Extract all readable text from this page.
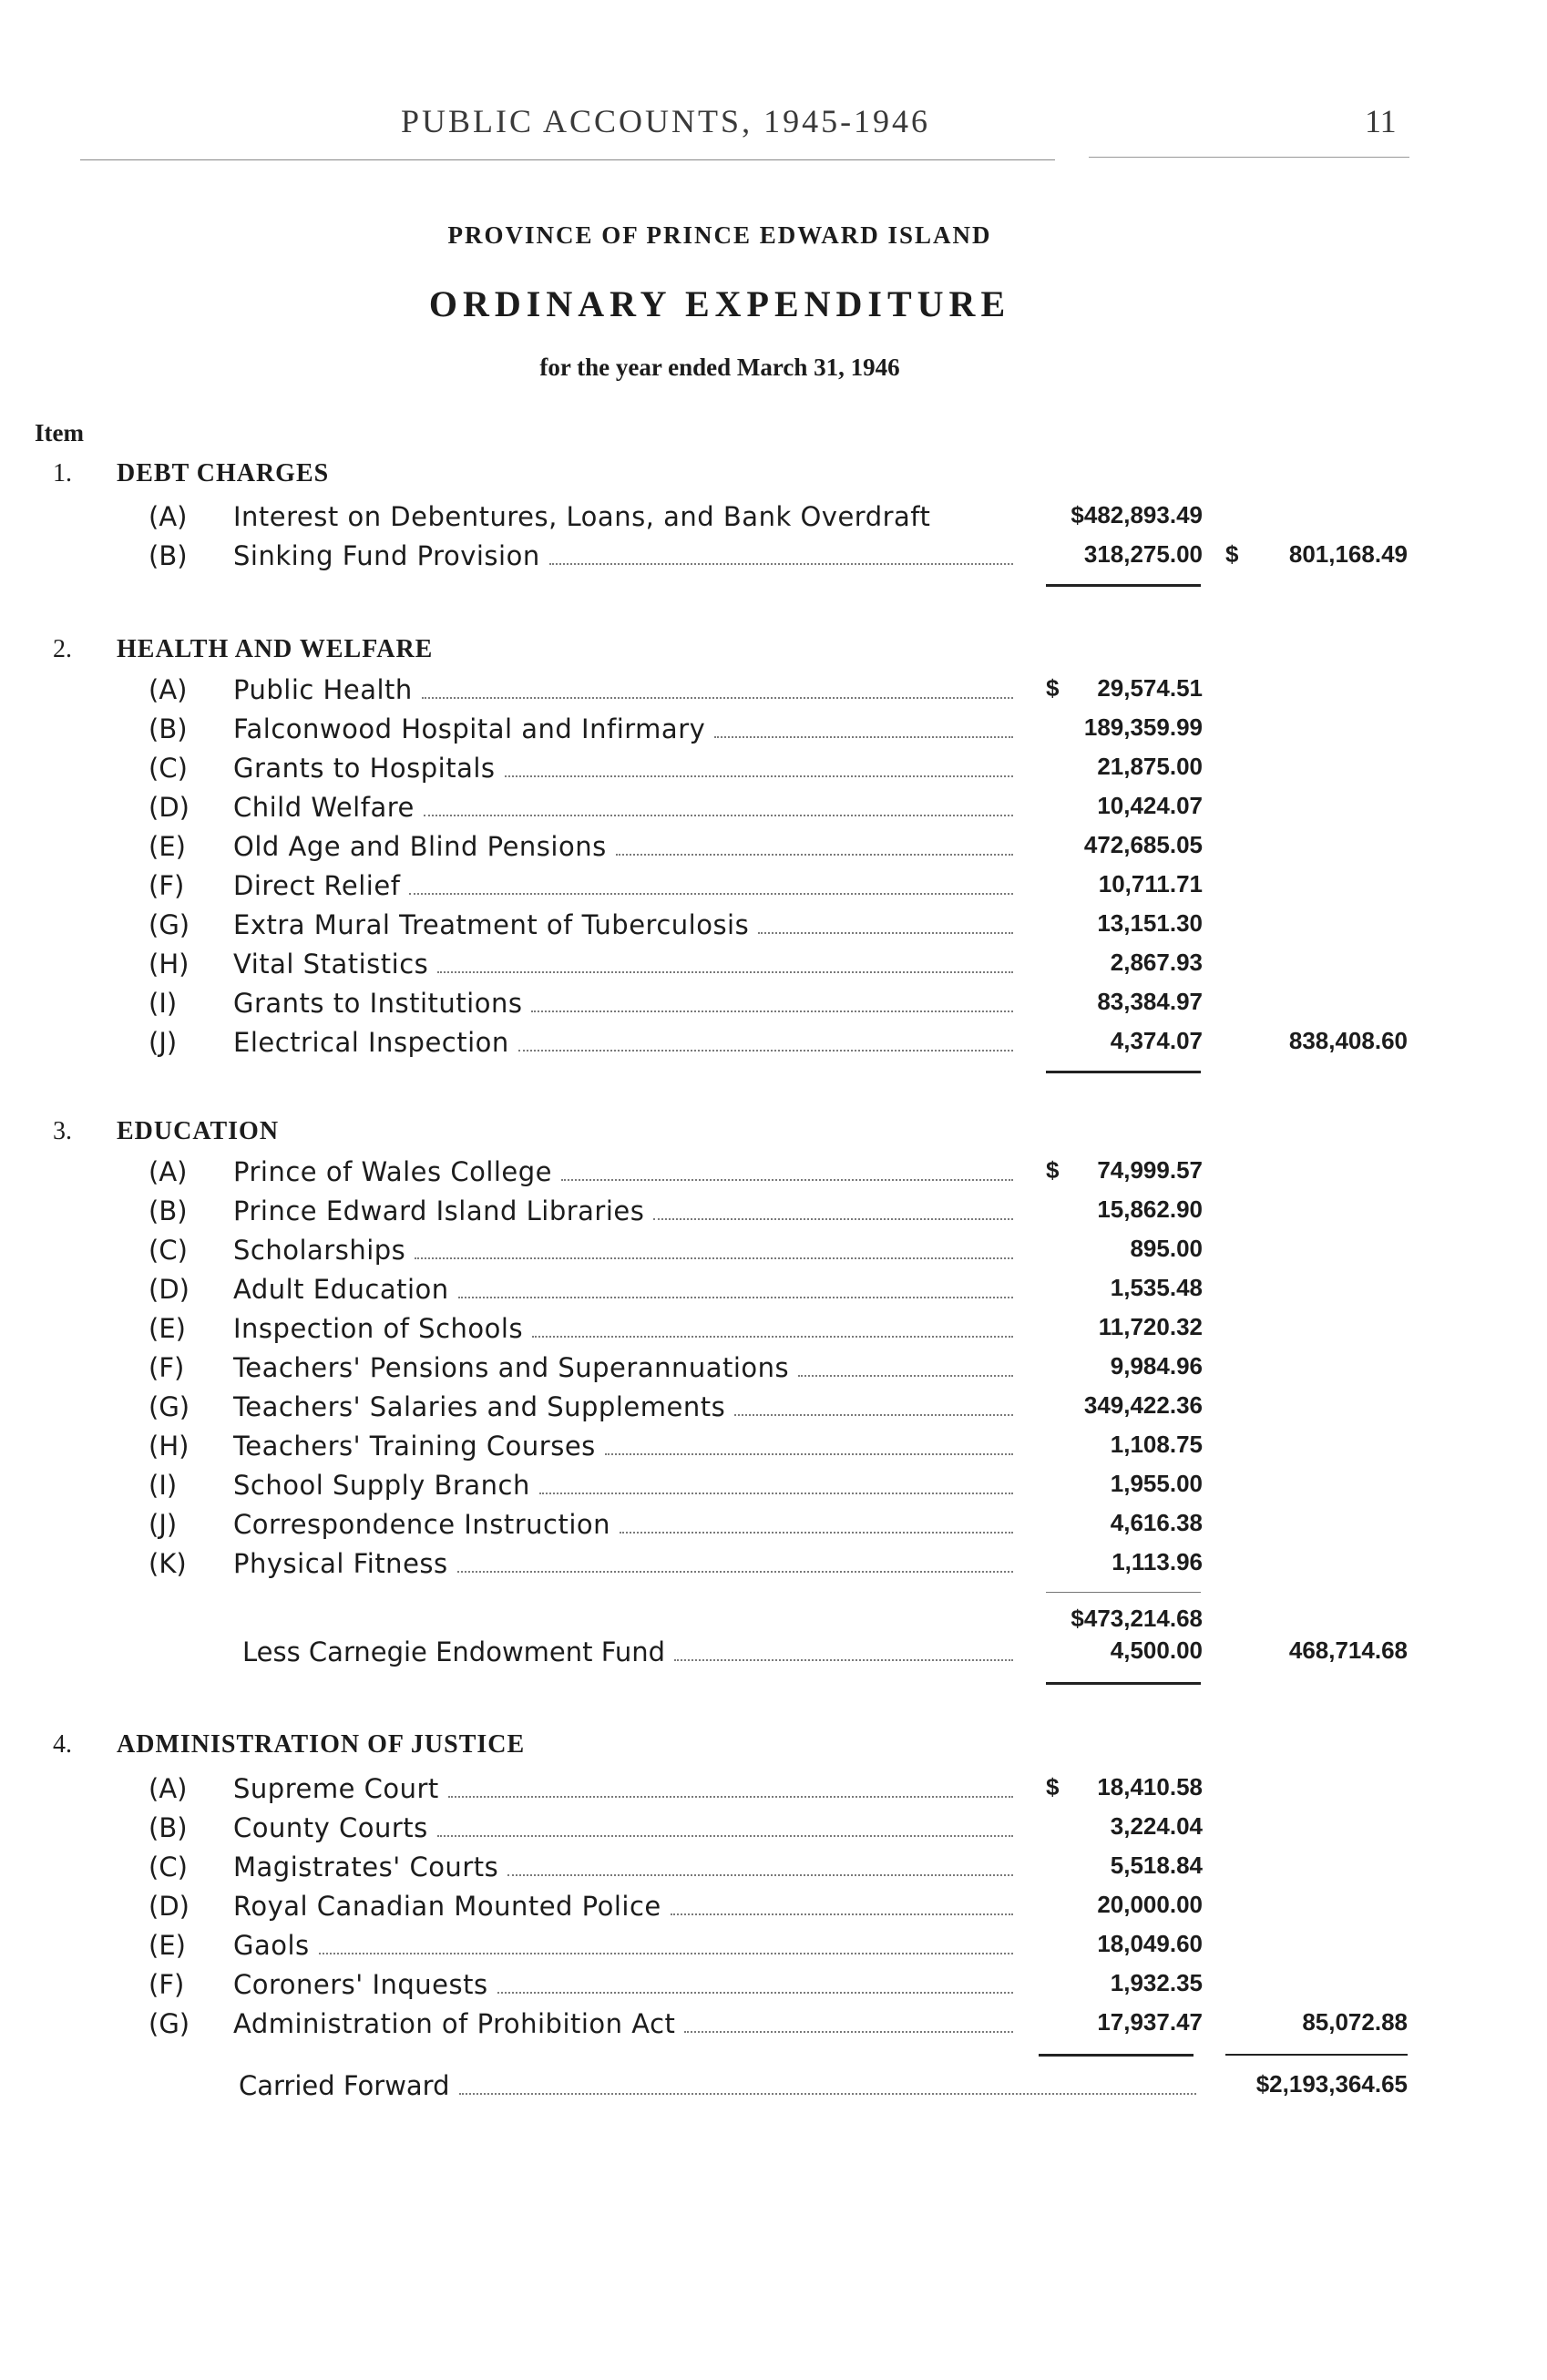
PUBLIC ACCOUNTS, 1945-1946	11
PROVINCE OF PRINCE EDWARD ISLAND
ORDINARY EXPENDITURE
for the year ended March 31, 1946
Item
1. DEBT CHARGES
(A) Interest on Debentures, Loans, and Bank Overdraft	$482,893.49
(B) Sinking Fund Provision	318,275.00 $ 801,168.49
2. HEALTH AND WELFARE
(A) Public Health	$ 29,574.51
(B) Falconwood Hospital and Infirmary	189,359.99
(C) Grants to Hospitals	21,875.00
(D) Child Welfare	10,424.07
(E) Old Age and Blind Pensions	472,685.05
(F) Direct Relief	10,711.71
(G) Extra Mural Treatment of Tuberculosis	13,151.30
(H) Vital Statistics	2,867.93
(I) Grants to Institutions	83,384.97
(J) Electrical Inspection	4,374.07	838,408.60
3. EDUCATION
(A) Prince of Wales College	$ 74,999.57
(B) Prince Edward Island Libraries	15,862.90
(C) Scholarships	895.00
(D) Adult Education	1,535.48
(E) Inspection of Schools	11,720.32
(F) Teachers' Pensions and Superannuations	9,984.96
(G) Teachers' Salaries and Supplements	349,422.36
(H) Teachers' Training Courses	1,108.75
(I) School Supply Branch	1,955.00
(J) Correspondence Instruction	4,616.38
(K) Physical Fitness	1,113.96
$473,214.68
Less Carnegie Endowment Fund	4,500.00	468,714.68
4. ADMINISTRATION OF JUSTICE
(A) Supreme Court	$ 18,410.58
(B) County Courts	3,224.04
(C) Magistrates' Courts	5,518.84
(D) Royal Canadian Mounted Police	20,000.00
(E) Gaols	18,049.60
(F) Coroners' Inquests	1,932.35
(G) Administration of Prohibition Act	17,937.47	85,072.88
Carried Forward	$2,193,364.65
